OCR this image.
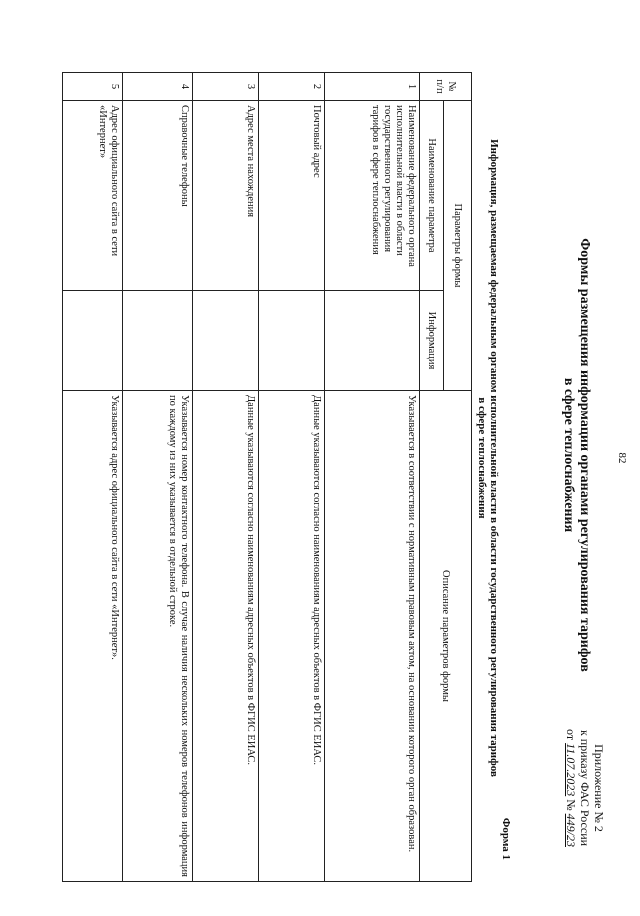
82
Приложение № 2
к приказу ФАС России
от 11.07.2023 № 449/23
Формы размещения информации органами регулирования тарифов
в сфере теплоснабжения
Форма 1
Информация, размещаемая федеральным органом исполнительной власти в области государственного регулирования тарифов
в сфере теплоснабжения
№ п/п	Параметры формы		Описание параметров формы
	Наименование параметра	Информация	
1	Наименование федерального органа исполнительной власти в области государственного регулирования тарифов в сфере теплоснабжения		Указывается в соответствии с нормативным правовым актом, на основании которого орган образован.
2	Почтовый адрес		Данные указываются согласно наименованиям адресных объектов в ФГИС ЕИАС.
3	Адрес места нахождения		Данные указываются согласно наименованиям адресных объектов в ФГИС ЕИАС.
4	Справочные телефоны		Указывается номер контактного телефона. В случае наличия нескольких номеров телефонов информация по каждому из них указывается в отдельной строке.
5	Адрес официального сайта в сети «Интернет»		Указывается адрес официального сайта в сети «Интернет».
